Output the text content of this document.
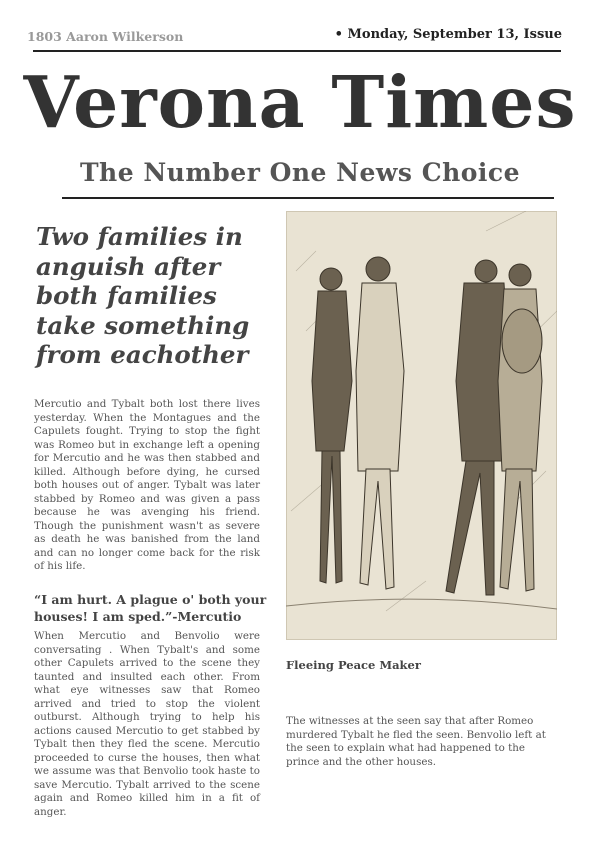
1803 Aaron Wilkerson	• Monday, September 13, Issue
Verona Times
The Number One News Choice
Two families in anguish after both families take something from eachother
Mercutio and Tybalt both lost there lives yesterday. When the Montagues and the Capulets fought. Trying to stop the fight was Romeo but in exchange left a opening for Mercutio and he was then stabbed and killed. Although before dying, he cursed both houses out of anger. Tybalt was later stabbed by Romeo and was given a pass because he was avenging his friend. Though the punishment wasn't as severe as death he was banished from the land and can no longer come back for the risk of his life.
“I am hurt. A plague o' both your houses! I am sped.”-Mercutio
When Mercutio and Benvolio were conversating . When Tybalt's and some other Capulets arrived to the scene they taunted and insulted each other. From what eye witnesses saw that Romeo arrived and tried to stop the violent outburst. Although trying to help his actions caused Mercutio to get stabbed by Tybalt then they fled the scene. Mercutio proceeded to curse the houses, then what we assume was that Benvolio took haste to save Mercutio. Tybalt arrived to the scene again and Romeo killed him in a fit of anger.
Fleeing Peace Maker
The witnesses at the seen say that after Romeo murdered Tybalt he fled the seen. Benvolio left at the seen to explain what had happened to the prince and the other houses.
